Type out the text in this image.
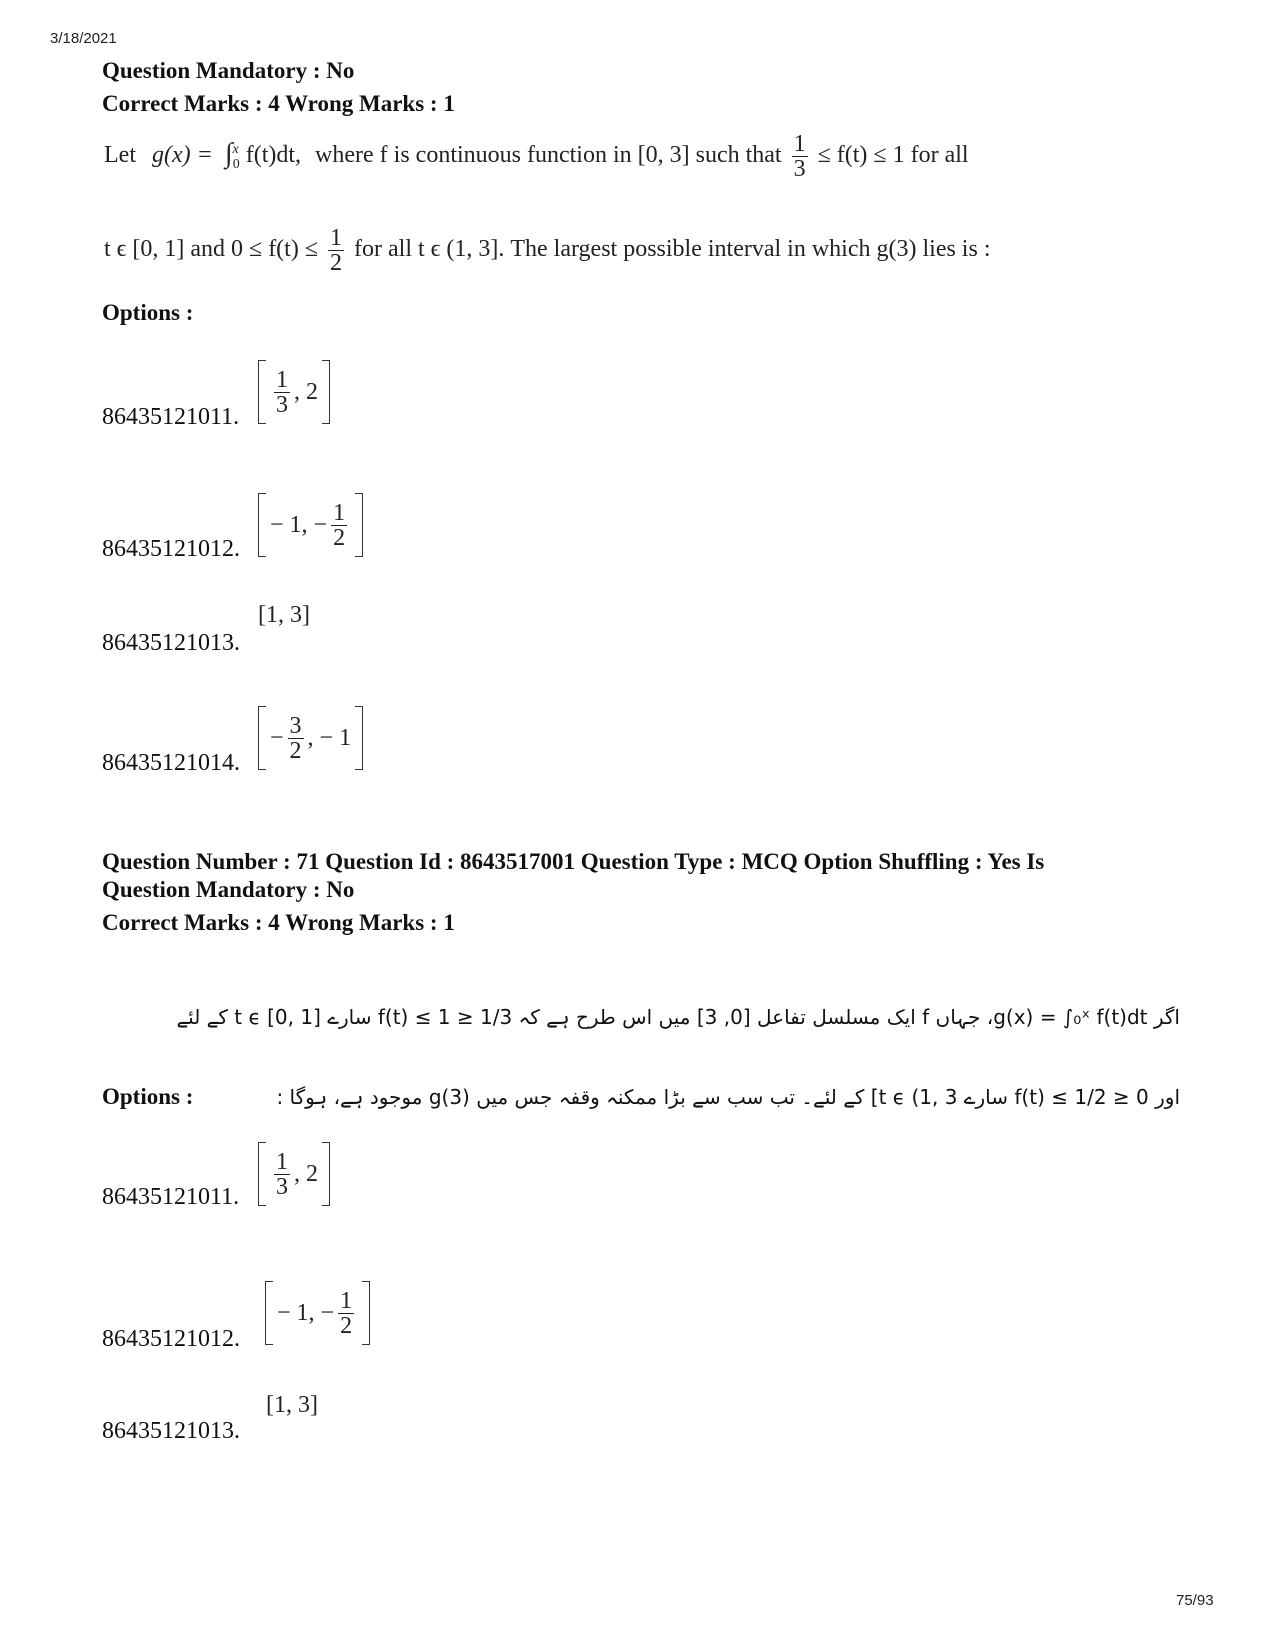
3/18/2021
Question Mandatory : No
Correct Marks : 4 Wrong Marks : 1
Let g(x) = ∫$^x_0$ f(t)dt, where f is continuous function in [0, 3] such that $\frac{1}{3} \le f(t) \le 1$ for all
t ϵ [0, 1] and $0 \le f(t) \le \frac{1}{2}$ for all t ϵ (1, 3]. The largest possible interval in which g(3) lies is :
Options :
$\frac{1}{3}$ , 2
86435121011.
− 1, − $\frac{1}{2}$
86435121012.
[1, 3]
86435121013.
− $\frac{3}{2}$ , − 1
86435121014.
Question Number : 71 Question Id : 8643517001 Question Type : MCQ Option Shuffling : Yes Is
Question Mandatory : No
Correct Marks : 4 Wrong Marks : 1
اگر g(x) = ∫₀ˣ f(t)dt، جہاں f ایک مسلسل تفاعل [0, 3] میں اس طرح ہے کہ 1/3 ≤ f(t) ≤ 1 سارے t ϵ [0, 1] کے لئے
اور 0 ≤ f(t) ≤ 1/2 سارے t ϵ (1, 3] کے لئے۔ تب سب سے بڑا ممکنہ وقفہ جس میں g(3) موجود ہے، ہوگا :
Options :
$\frac{1}{3}$ , 2
86435121011.
− 1, − $\frac{1}{2}$
86435121012.
[1, 3]
86435121013.
75/93
